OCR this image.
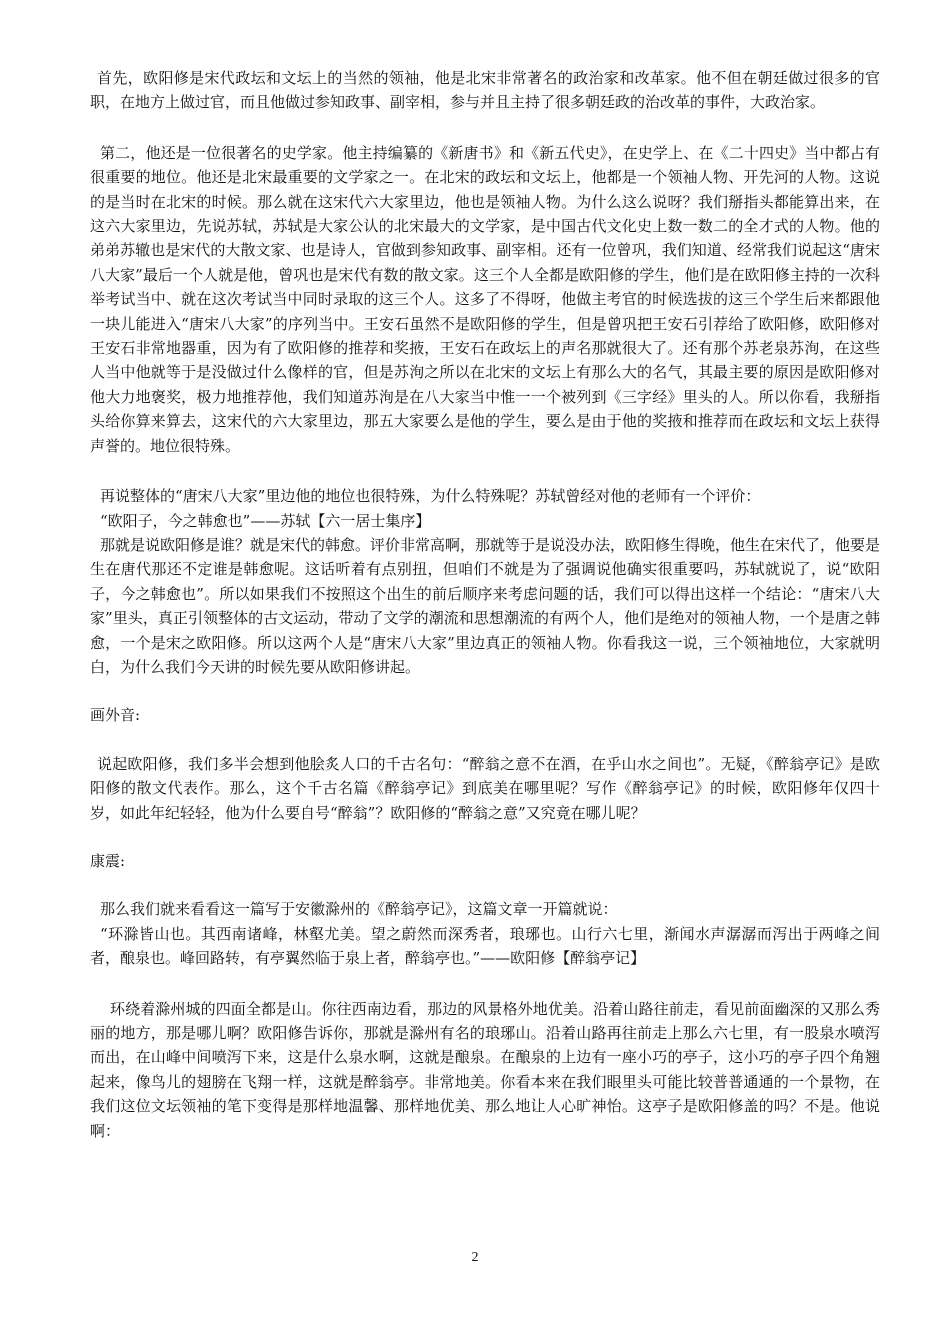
首先，欧阳修是宋代政坛和文坛上的当然的领袖，他是北宋非常著名的政治家和改革家。他不但在朝廷做过很多的官职，在地方上做过官，而且他做过参知政事、副宰相，参与并且主持了很多朝廷政的治改革的事件，大政治家。

第二，他还是一位很著名的史学家。他主持编纂的《新唐书》和《新五代史》，在史学上、在《二十四史》当中都占有很重要的地位。他还是北宋最重要的文学家之一。在北宋的政坛和文坛上，他都是一个领袖人物、开先河的人物。这说的是当时在北宋的时候。那么就在这宋代六大家里边，他也是领袖人物。为什么这么说呀？我们掰指头都能算出来，在这六大家里边，先说苏轼，苏轼是大家公认的北宋最大的文学家，是中国古代文化史上数一数二的全才式的人物。他的弟弟苏辙也是宋代的大散文家、也是诗人，官做到参知政事、副宰相。还有一位曾巩，我们知道、经常我们说起这“唐宋八大家”最后一个人就是他，曾巩也是宋代有数的散文家。这三个人全都是欧阳修的学生，他们是在欧阳修主持的一次科举考试当中、就在这次考试当中同时录取的这三个人。这多了不得呀，他做主考官的时候选拔的这三个学生后来都跟他一块儿能进入“唐宋八大家”的序列当中。王安石虽然不是欧阳修的学生，但是曾巩把王安石引荐给了欧阳修，欧阳修对王安石非常地器重，因为有了欧阳修的推荐和奖掖，王安石在政坛上的声名那就很大了。还有那个苏老泉苏洵，在这些人当中他就等于是没做过什么像样的官，但是苏洵之所以在北宋的文坛上有那么大的名气，其最主要的原因是欧阳修对他大力地褒奖，极力地推荐他，我们知道苏洵是在八大家当中惟一一个被列到《三字经》里头的人。所以你看，我掰指头给你算来算去，这宋代的六大家里边，那五大家要么是他的学生，要么是由于他的奖掖和推荐而在政坛和文坛上获得声誉的。地位很特殊。

再说整体的“唐宋八大家”里边他的地位也很特殊，为什么特殊呢？苏轼曾经对他的老师有一个评价：

“欧阳子，今之韩愈也”——苏轼【六一居士集序】

那就是说欧阳修是谁？就是宋代的韩愈。评价非常高啊，那就等于是说没办法，欧阳修生得晚，他生在宋代了，他要是生在唐代那还不定谁是韩愈呢。这话听着有点别扭，但咱们不就是为了强调说他确实很重要吗，苏轼就说了，说“欧阳子，今之韩愈也”。所以如果我们不按照这个出生的前后顺序来考虑问题的话，我们可以得出这样一个结论：“唐宋八大家”里头，真正引领整体的古文运动，带动了文学的潮流和思想潮流的有两个人，他们是绝对的领袖人物，一个是唐之韩愈，一个是宋之欧阳修。所以这两个人是“唐宋八大家”里边真正的领袖人物。你看我这一说，三个领袖地位，大家就明白，为什么我们今天讲的时候先要从欧阳修讲起。

画外音:

说起欧阳修，我们多半会想到他脍炙人口的千古名句：“醉翁之意不在酒，在乎山水之间也”。无疑，《醉翁亭记》是欧阳修的散文代表作。那么，这个千古名篇《醉翁亭记》到底美在哪里呢？写作《醉翁亭记》的时候，欧阳修年仅四十岁，如此年纪轻轻，他为什么要自号“醉翁”？欧阳修的“醉翁之意”又究竟在哪儿呢？

康震:

那么我们就来看看这一篇写于安徽滁州的《醉翁亭记》，这篇文章一开篇就说：

“环滁皆山也。其西南诸峰，林壑尤美。望之蔚然而深秀者，琅琊也。山行六七里，渐闻水声潺潺而泻出于两峰之间者，酿泉也。峰回路转，有亭翼然临于泉上者，醉翁亭也。”——欧阳修【醉翁亭记】

环绕着滁州城的四面全都是山。你往西南边看，那边的风景格外地优美。沿着山路往前走，看见前面幽深的又那么秀丽的地方，那是哪儿啊？欧阳修告诉你，那就是滁州有名的琅琊山。沿着山路再往前走上那么六七里，有一股泉水喷泻而出，在山峰中间喷泻下来，这是什么泉水啊，这就是酿泉。在酿泉的上边有一座小巧的亭子，这小巧的亭子四个角翘起来，像鸟儿的翅膀在飞翔一样，这就是醉翁亭。非常地美。你看本来在我们眼里头可能比较普普通通的一个景物，在我们这位文坛领袖的笔下变得是那样地温馨、那样地优美、那么地让人心旷神怡。这亭子是欧阳修盖的吗？不是。他说啊：

2
